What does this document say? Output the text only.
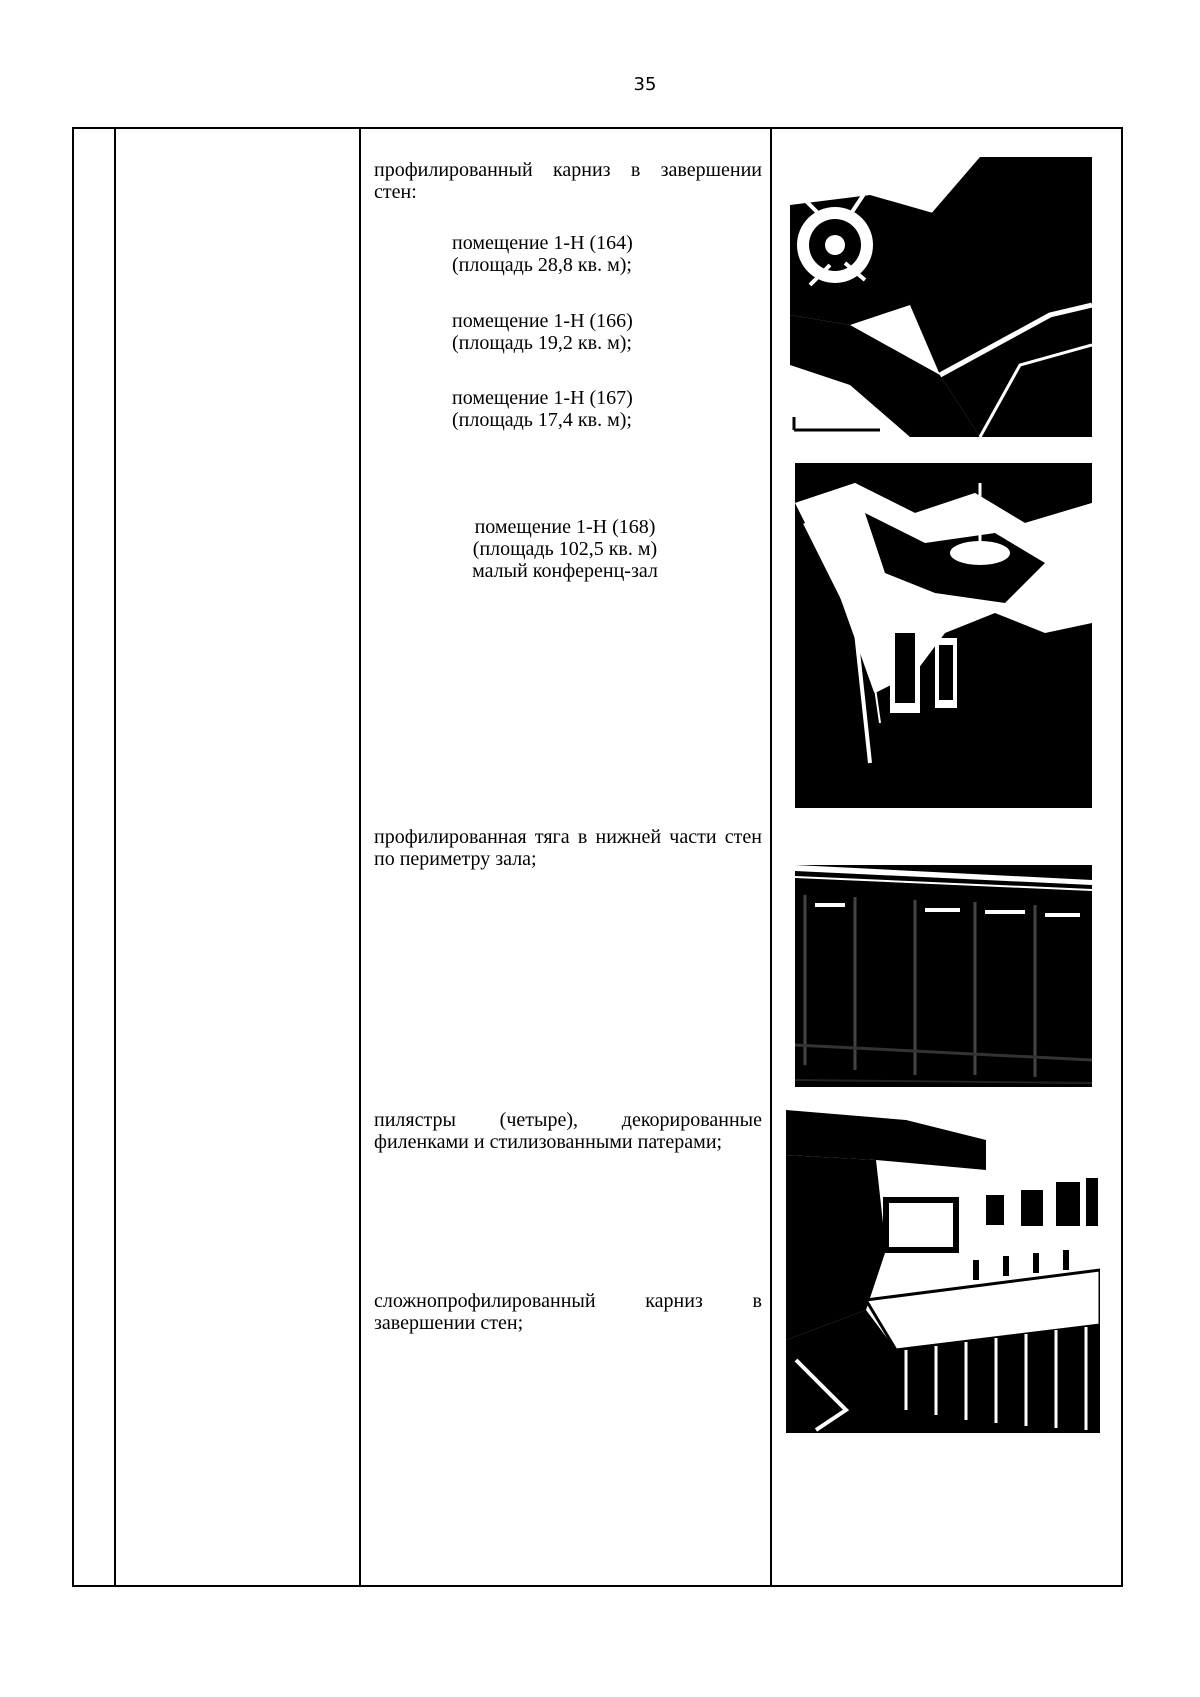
35
профилированный карниз в завершении стен:
помещение 1-Н (164)
(площадь 28,8 кв. м);
помещение 1-Н (166)
(площадь 19,2 кв. м);
помещение 1-Н (167)
(площадь 17,4 кв. м);
помещение 1-Н (168)
(площадь 102,5 кв. м)
малый конференц-зал
профилированная тяга в нижней части стен по периметру зала;
пилястры (четыре), декорированные
филенками и стилизованными патерами;
сложнопрофилированный карниз в
завершении стен;
